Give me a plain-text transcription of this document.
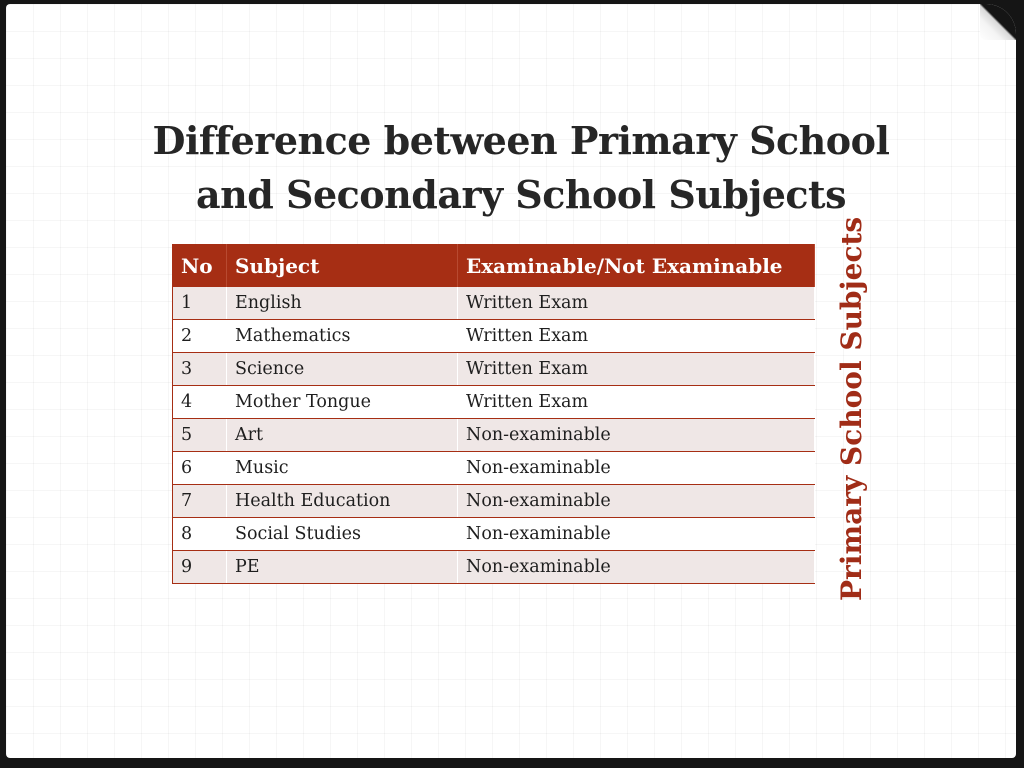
Difference between Primary School
and Secondary School Subjects
No	Subject	Examinable/Not Examinable
1	English	Written Exam
2	Mathematics	Written Exam
3	Science	Written Exam
4	Mother Tongue	Written Exam
5	Art	Non-examinable
6	Music	Non-examinable
7	Health Education	Non-examinable
8	Social Studies	Non-examinable
9	PE	Non-examinable	Primary School Subjects
